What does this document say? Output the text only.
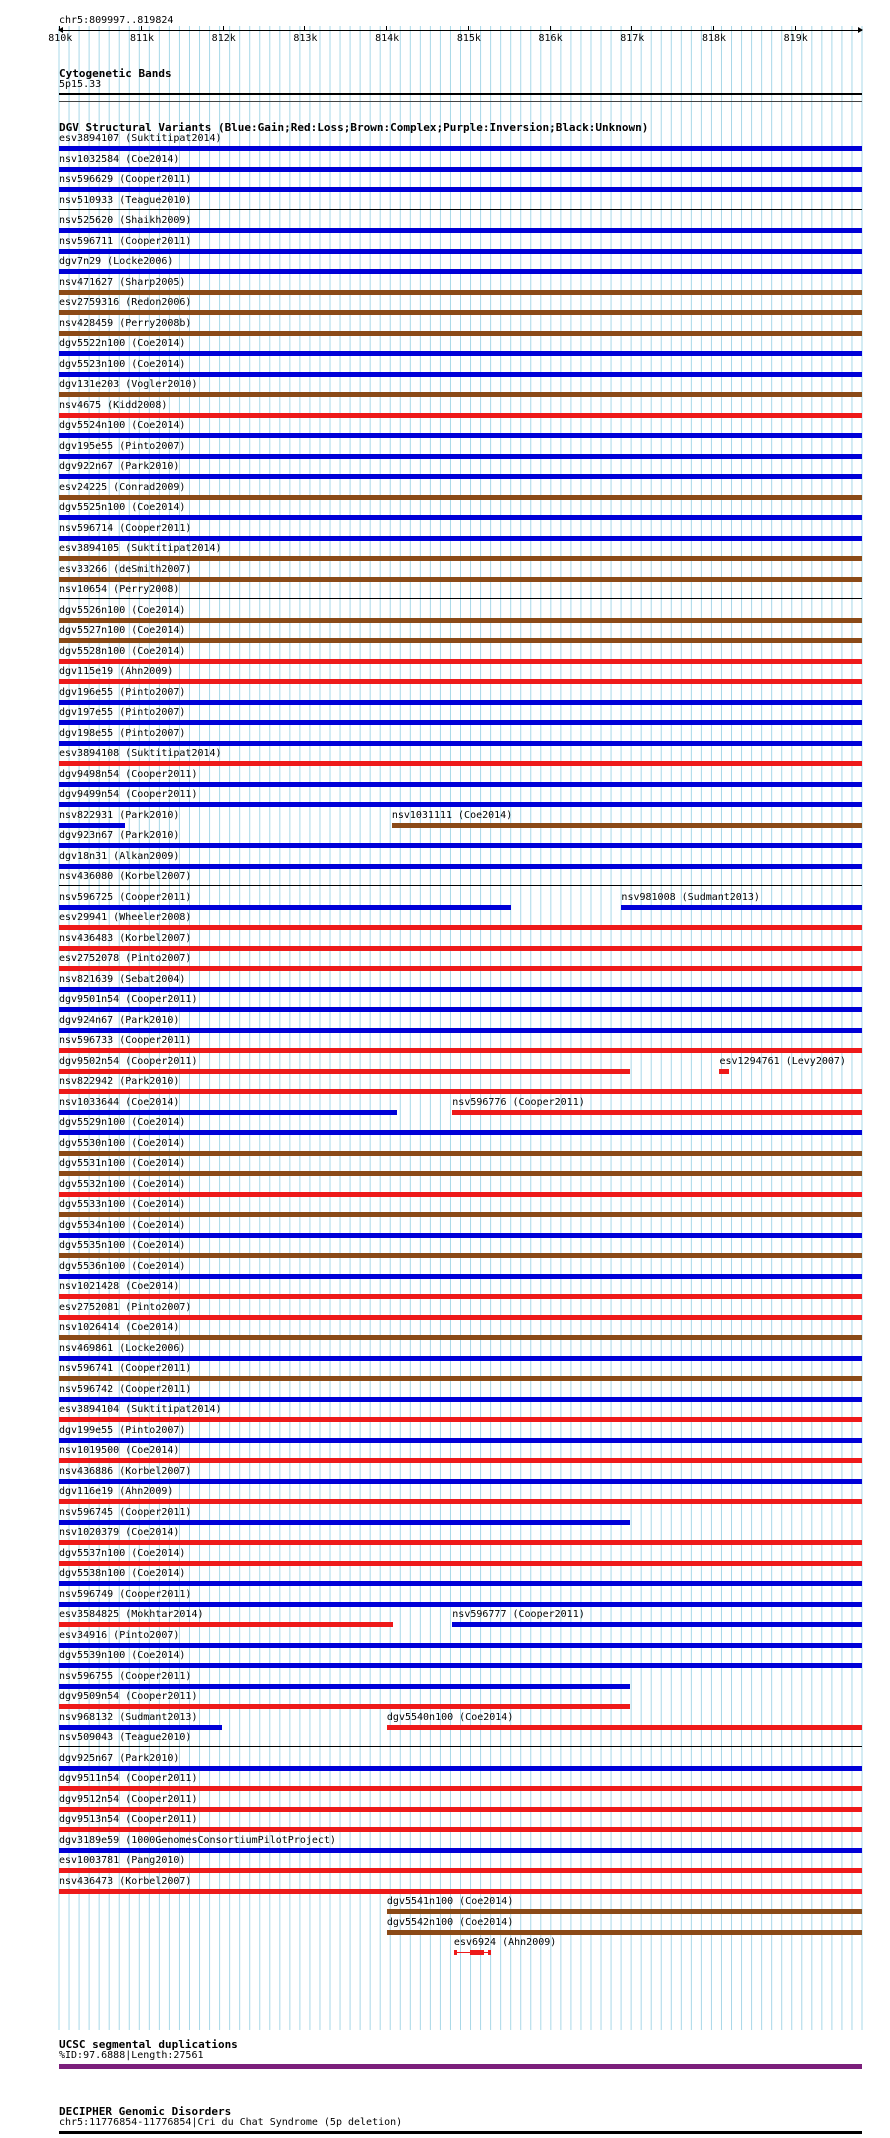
chr5:809997..819824
810k	811k	812k	813k	814k	815k	816k	817k	818k	819k
Cytogenetic Bands
5p15.33
DGV Structural Variants (Blue:Gain;Red:Loss;Brown:Complex;Purple:Inversion;Black:Unknown)
esv3894107 (Suktitipat2014)
nsv1032584 (Coe2014)
nsv596629 (Cooper2011)
nsv510933 (Teague2010)
nsv525620 (Shaikh2009)
nsv596711 (Cooper2011)
dgv7n29 (Locke2006)
nsv471627 (Sharp2005)
esv2759316 (Redon2006)
nsv428459 (Perry2008b)
dgv5522n100 (Coe2014)
dgv5523n100 (Coe2014)
dgv131e203 (Vogler2010)
nsv4675 (Kidd2008)
dgv5524n100 (Coe2014)
dgv195e55 (Pinto2007)
dgv922n67 (Park2010)
esv24225 (Conrad2009)
dgv5525n100 (Coe2014)
nsv596714 (Cooper2011)
esv3894105 (Suktitipat2014)
esv33266 (deSmith2007)
nsv10654 (Perry2008)
dgv5526n100 (Coe2014)
dgv5527n100 (Coe2014)
dgv5528n100 (Coe2014)
dgv115e19 (Ahn2009)
dgv196e55 (Pinto2007)
dgv197e55 (Pinto2007)
dgv198e55 (Pinto2007)
esv3894108 (Suktitipat2014)
dgv9498n54 (Cooper2011)
dgv9499n54 (Cooper2011)
nsv822931 (Park2010)	nsv1031111 (Coe2014)
dgv923n67 (Park2010)
dgv18n31 (Alkan2009)
nsv436080 (Korbel2007)
nsv596725 (Cooper2011)	nsv981008 (Sudmant2013)
esv29941 (Wheeler2008)
nsv436483 (Korbel2007)
esv2752078 (Pinto2007)
nsv821639 (Sebat2004)
dgv9501n54 (Cooper2011)
dgv924n67 (Park2010)
nsv596733 (Cooper2011)
dgv9502n54 (Cooper2011)	esv1294761 (Levy2007)
nsv822942 (Park2010)
nsv1033644 (Coe2014)	nsv596776 (Cooper2011)
dgv5529n100 (Coe2014)
dgv5530n100 (Coe2014)
dgv5531n100 (Coe2014)
dgv5532n100 (Coe2014)
dgv5533n100 (Coe2014)
dgv5534n100 (Coe2014)
dgv5535n100 (Coe2014)
dgv5536n100 (Coe2014)
nsv1021428 (Coe2014)
esv2752081 (Pinto2007)
nsv1026414 (Coe2014)
nsv469861 (Locke2006)
nsv596741 (Cooper2011)
nsv596742 (Cooper2011)
esv3894104 (Suktitipat2014)
dgv199e55 (Pinto2007)
nsv1019500 (Coe2014)
nsv436886 (Korbel2007)
dgv116e19 (Ahn2009)
nsv596745 (Cooper2011)
nsv1020379 (Coe2014)
dgv5537n100 (Coe2014)
dgv5538n100 (Coe2014)
nsv596749 (Cooper2011)
esv3584825 (Mokhtar2014)	nsv596777 (Cooper2011)
esv34916 (Pinto2007)
dgv5539n100 (Coe2014)
nsv596755 (Cooper2011)
dgv9509n54 (Cooper2011)
nsv968132 (Sudmant2013)	dgv5540n100 (Coe2014)
nsv509043 (Teague2010)
dgv925n67 (Park2010)
dgv9511n54 (Cooper2011)
dgv9512n54 (Cooper2011)
dgv9513n54 (Cooper2011)
dgv3189e59 (1000GenomesConsortiumPilotProject)
esv1003781 (Pang2010)
nsv436473 (Korbel2007)
dgv5541n100 (Coe2014)
dgv5542n100 (Coe2014)
esv6924 (Ahn2009)
UCSC segmental duplications
%ID:97.6888|Length:27561
DECIPHER Genomic Disorders
chr5:11776854-11776854|Cri du Chat Syndrome (5p deletion)
